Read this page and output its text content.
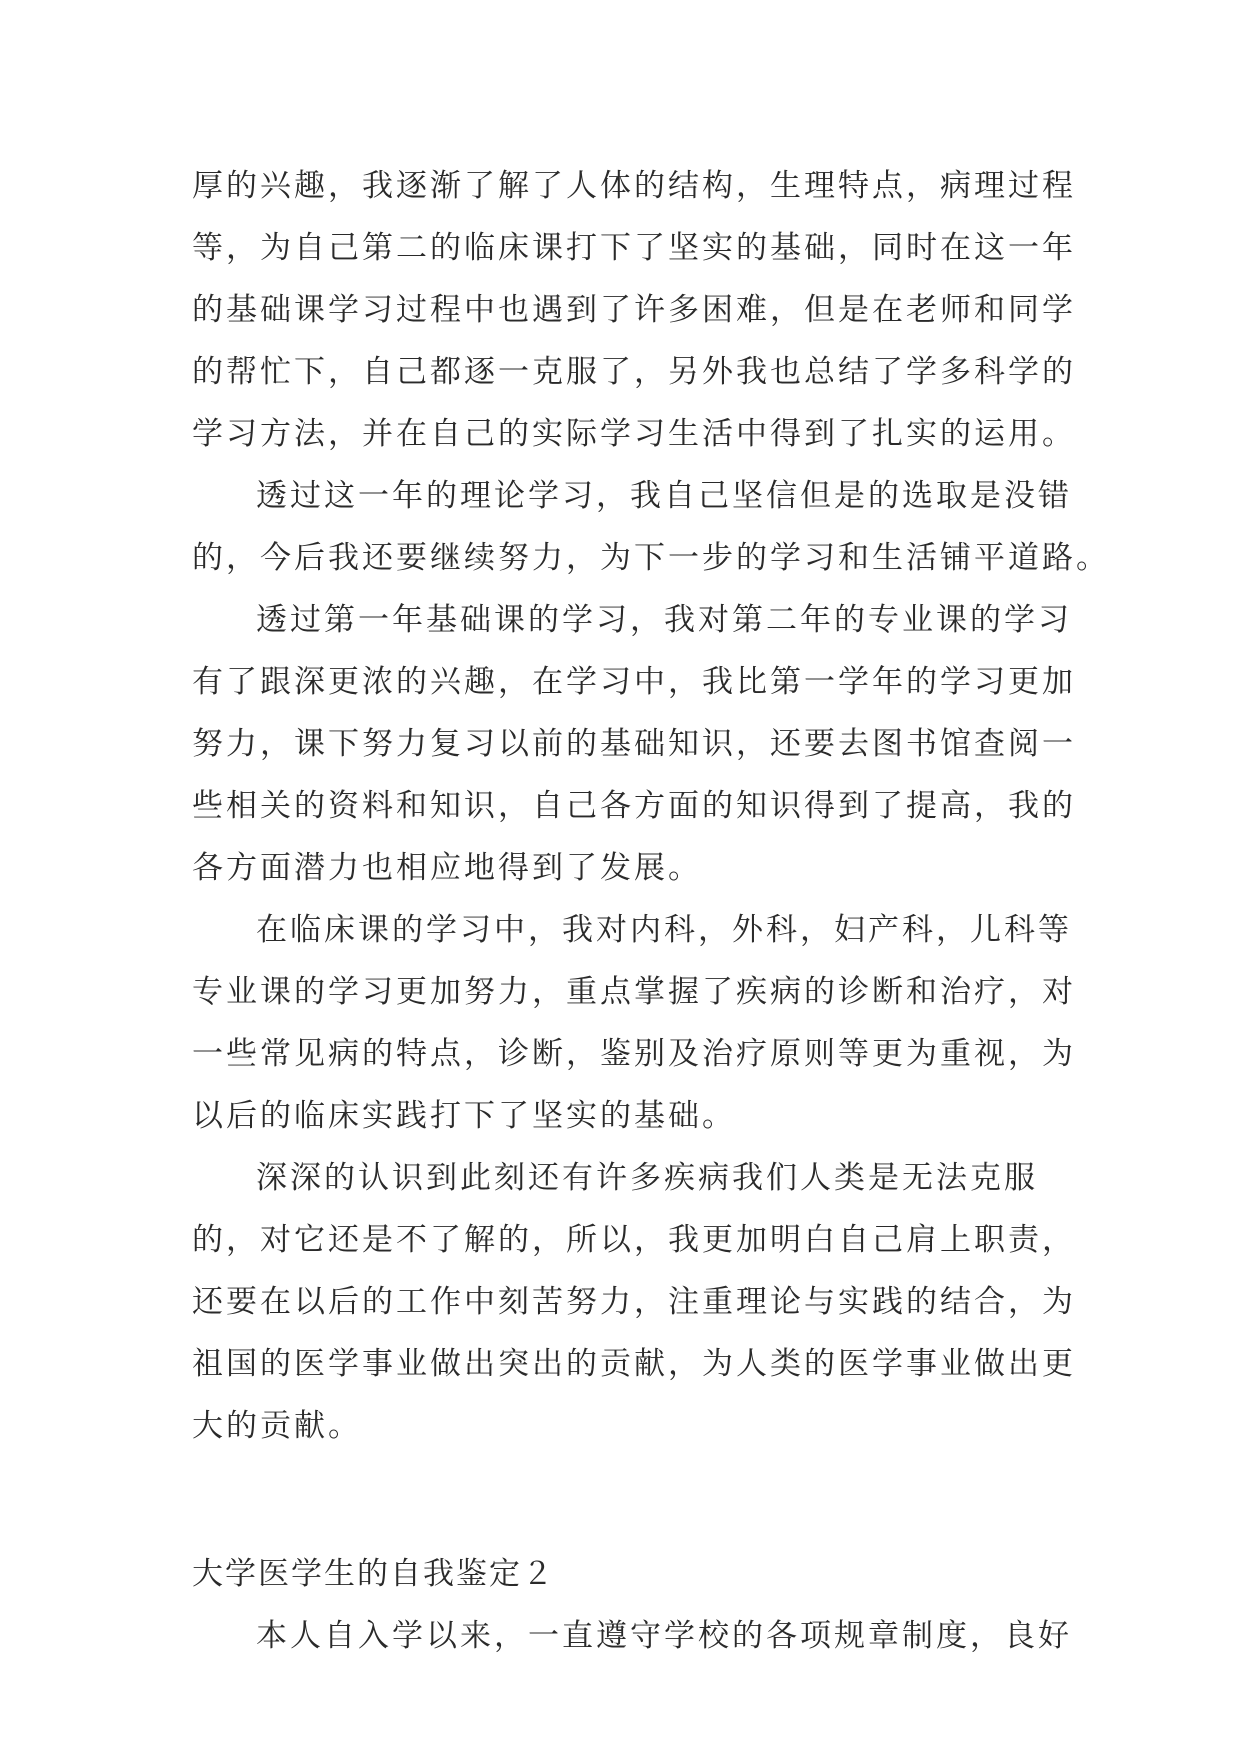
厚的兴趣，我逐渐了解了人体的结构，生理特点，病理过程
等，为自己第二的临床课打下了坚实的基础，同时在这一年
的基础课学习过程中也遇到了许多困难，但是在老师和同学
的帮忙下，自己都逐一克服了，另外我也总结了学多科学的
学习方法，并在自己的实际学习生活中得到了扎实的运用。
透过这一年的理论学习，我自己坚信但是的选取是没错
的，今后我还要继续努力，为下一步的学习和生活铺平道路。
透过第一年基础课的学习，我对第二年的专业课的学习
有了跟深更浓的兴趣，在学习中，我比第一学年的学习更加
努力，课下努力复习以前的基础知识，还要去图书馆查阅一
些相关的资料和知识，自己各方面的知识得到了提高，我的
各方面潜力也相应地得到了发展。
在临床课的学习中，我对内科，外科，妇产科，儿科等
专业课的学习更加努力，重点掌握了疾病的诊断和治疗，对
一些常见病的特点，诊断，鉴别及治疗原则等更为重视，为
以后的临床实践打下了坚实的基础。
深深的认识到此刻还有许多疾病我们人类是无法克服
的，对它还是不了解的，所以，我更加明白自己肩上职责，
还要在以后的工作中刻苦努力，注重理论与实践的结合，为
祖国的医学事业做出突出的贡献，为人类的医学事业做出更
大的贡献。
大学医学生的自我鉴定２
本人自入学以来，一直遵守学校的各项规章制度，良好
